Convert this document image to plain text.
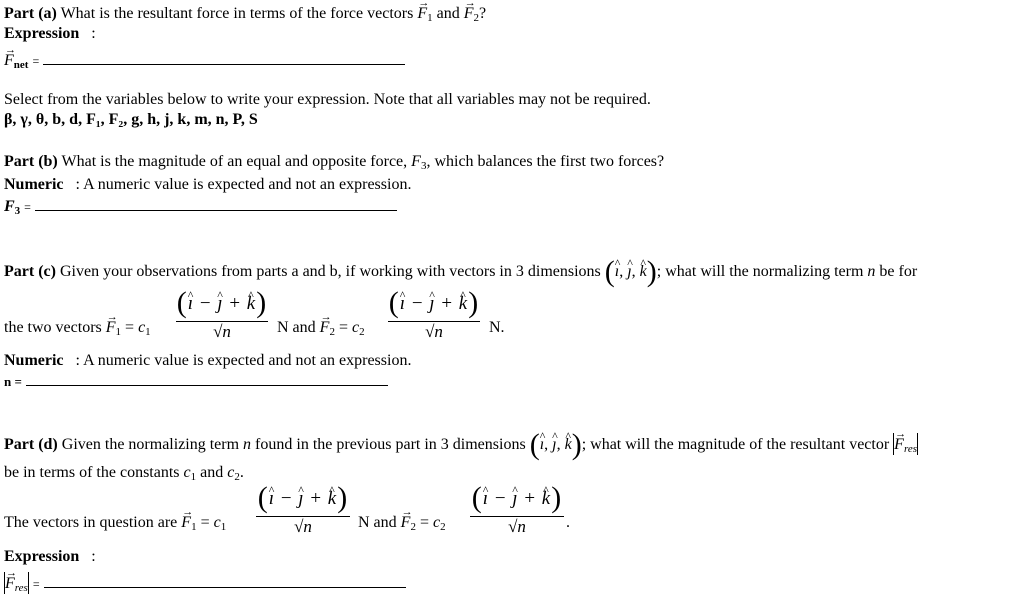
Part (a) What is the resultant force in terms of the force vectors → $F_1$ and → $F_2$?
Expression :
→ $F_{net}$ =
Select from the variables below to write your expression. Note that all variables may not be required.
β, γ, θ, b, d, F₁, F₂, g, h, j, k, m, n, P, S
Part (b) What is the magnitude of an equal and opposite force, $F_3$, which balances the first two forces?
Numeric : A numeric value is expected and not an expression.
$F_3$ =
Part (c) Given your observations from parts a and b, if working with vectors in 3 dimensions (^ ı, ^ ȷ, ^ k); what will the normalizing term n be for
the two vectors → $F_1 = c_1$
(^ ı − ^ ȷ + ^ k)
√n	N and → $F_2 = c_2$
(^ ı − ^ ȷ + ^ k)
√n	N.
Numeric : A numeric value is expected and not an expression.
n =
Part (d) Given the normalizing term n found in the previous part in 3 dimensions (^ ı, ^ ȷ, ^ k); what will the magnitude of the resultant vector → $F_{res}$
be in terms of the constants $c_1$ and $c_2$.
The vectors in question are → $F_1 = c_1$
(^ ı − ^ ȷ + ^ k)
√n	N and → $F_2 = c_2$
(^ ı − ^ ȷ + ^ k)
√n	.
Expression :
→ $F_{res}$ =
